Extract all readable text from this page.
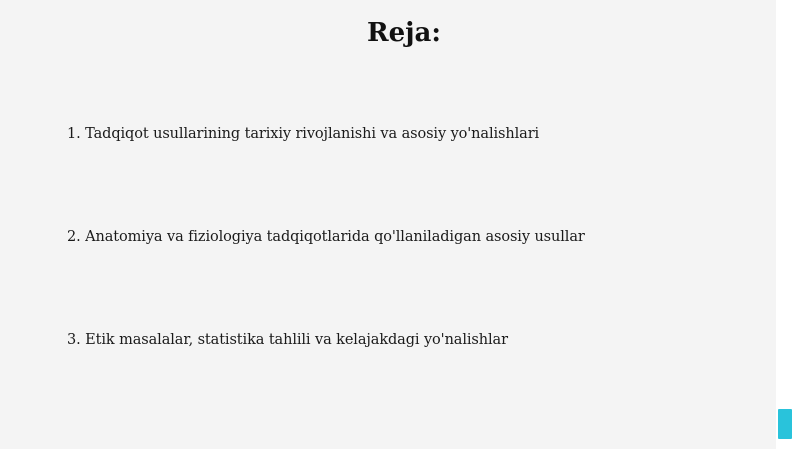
Reja:
1. Tadqiqot usullarining tarixiy rivojlanishi va asosiy yo'nalishlari
2. Anatomiya va fiziologiya tadqiqotlarida qo'llaniladigan asosiy usullar
3. Etik masalalar, statistika tahlili va kelajakdagi yo'nalishlar
